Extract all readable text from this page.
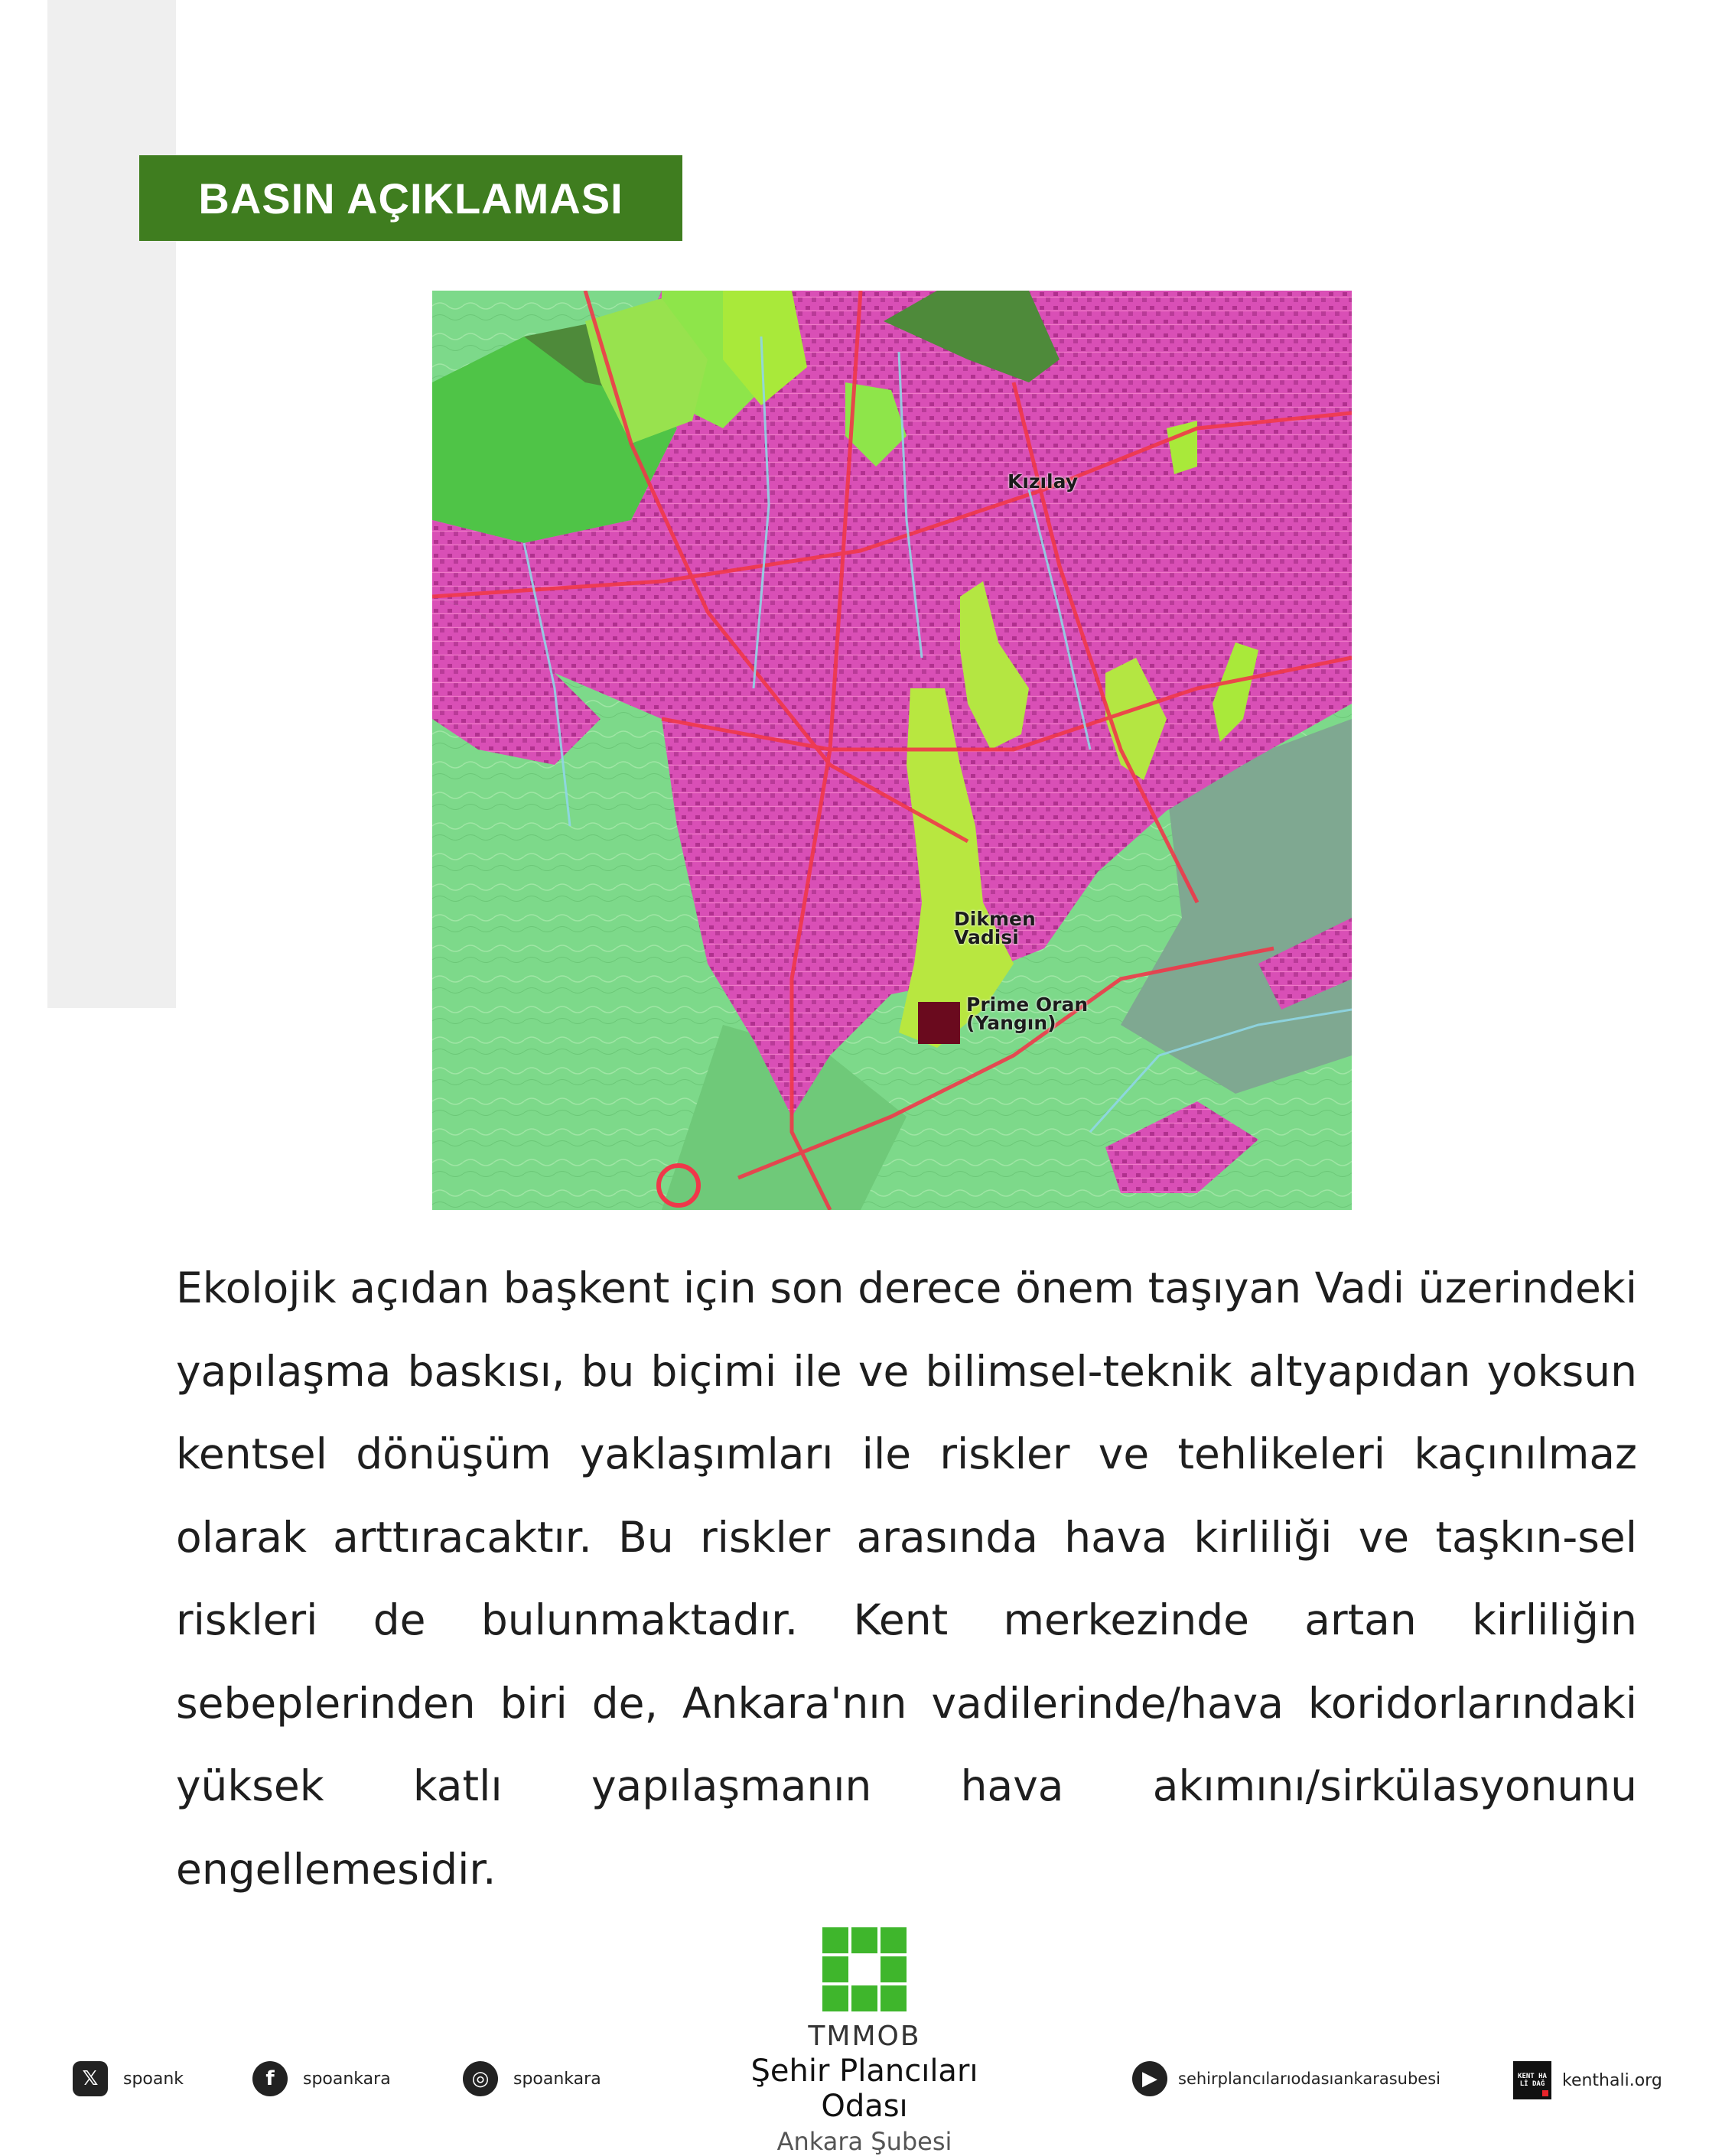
BASIN AÇIKLAMASI
Kızılay
Dikmen
Vadisi
Prime Oran
(Yangın)

Ekolojik açıdan başkent için son derece önem taşıyan Vadi üzerindeki yapılaşma baskısı, bu biçimi ile ve bilimsel-teknik altyapıdan yoksun kentsel dönüşüm yaklaşımları ile riskler ve tehlikeleri kaçınılmaz olarak arttıracaktır. Bu riskler arasında hava kirliliği ve taşkın-sel riskleri de bulunmaktadır. Kent merkezinde artan kirliliğin sebeplerinden biri de, Ankara'nın vadilerinde/hava koridorlarındaki yüksek katlı yapılaşmanın hava akımını/sirkülasyonunu engellemesidir.

TMMOB
Şehir Plancıları Odası
Ankara Şubesi
𝕏	spoank	f	spoankara	◎	spoankara	▶	sehirplancılarıodasıankarasubesi	KENT HALİ DAĞ kenthali.org
